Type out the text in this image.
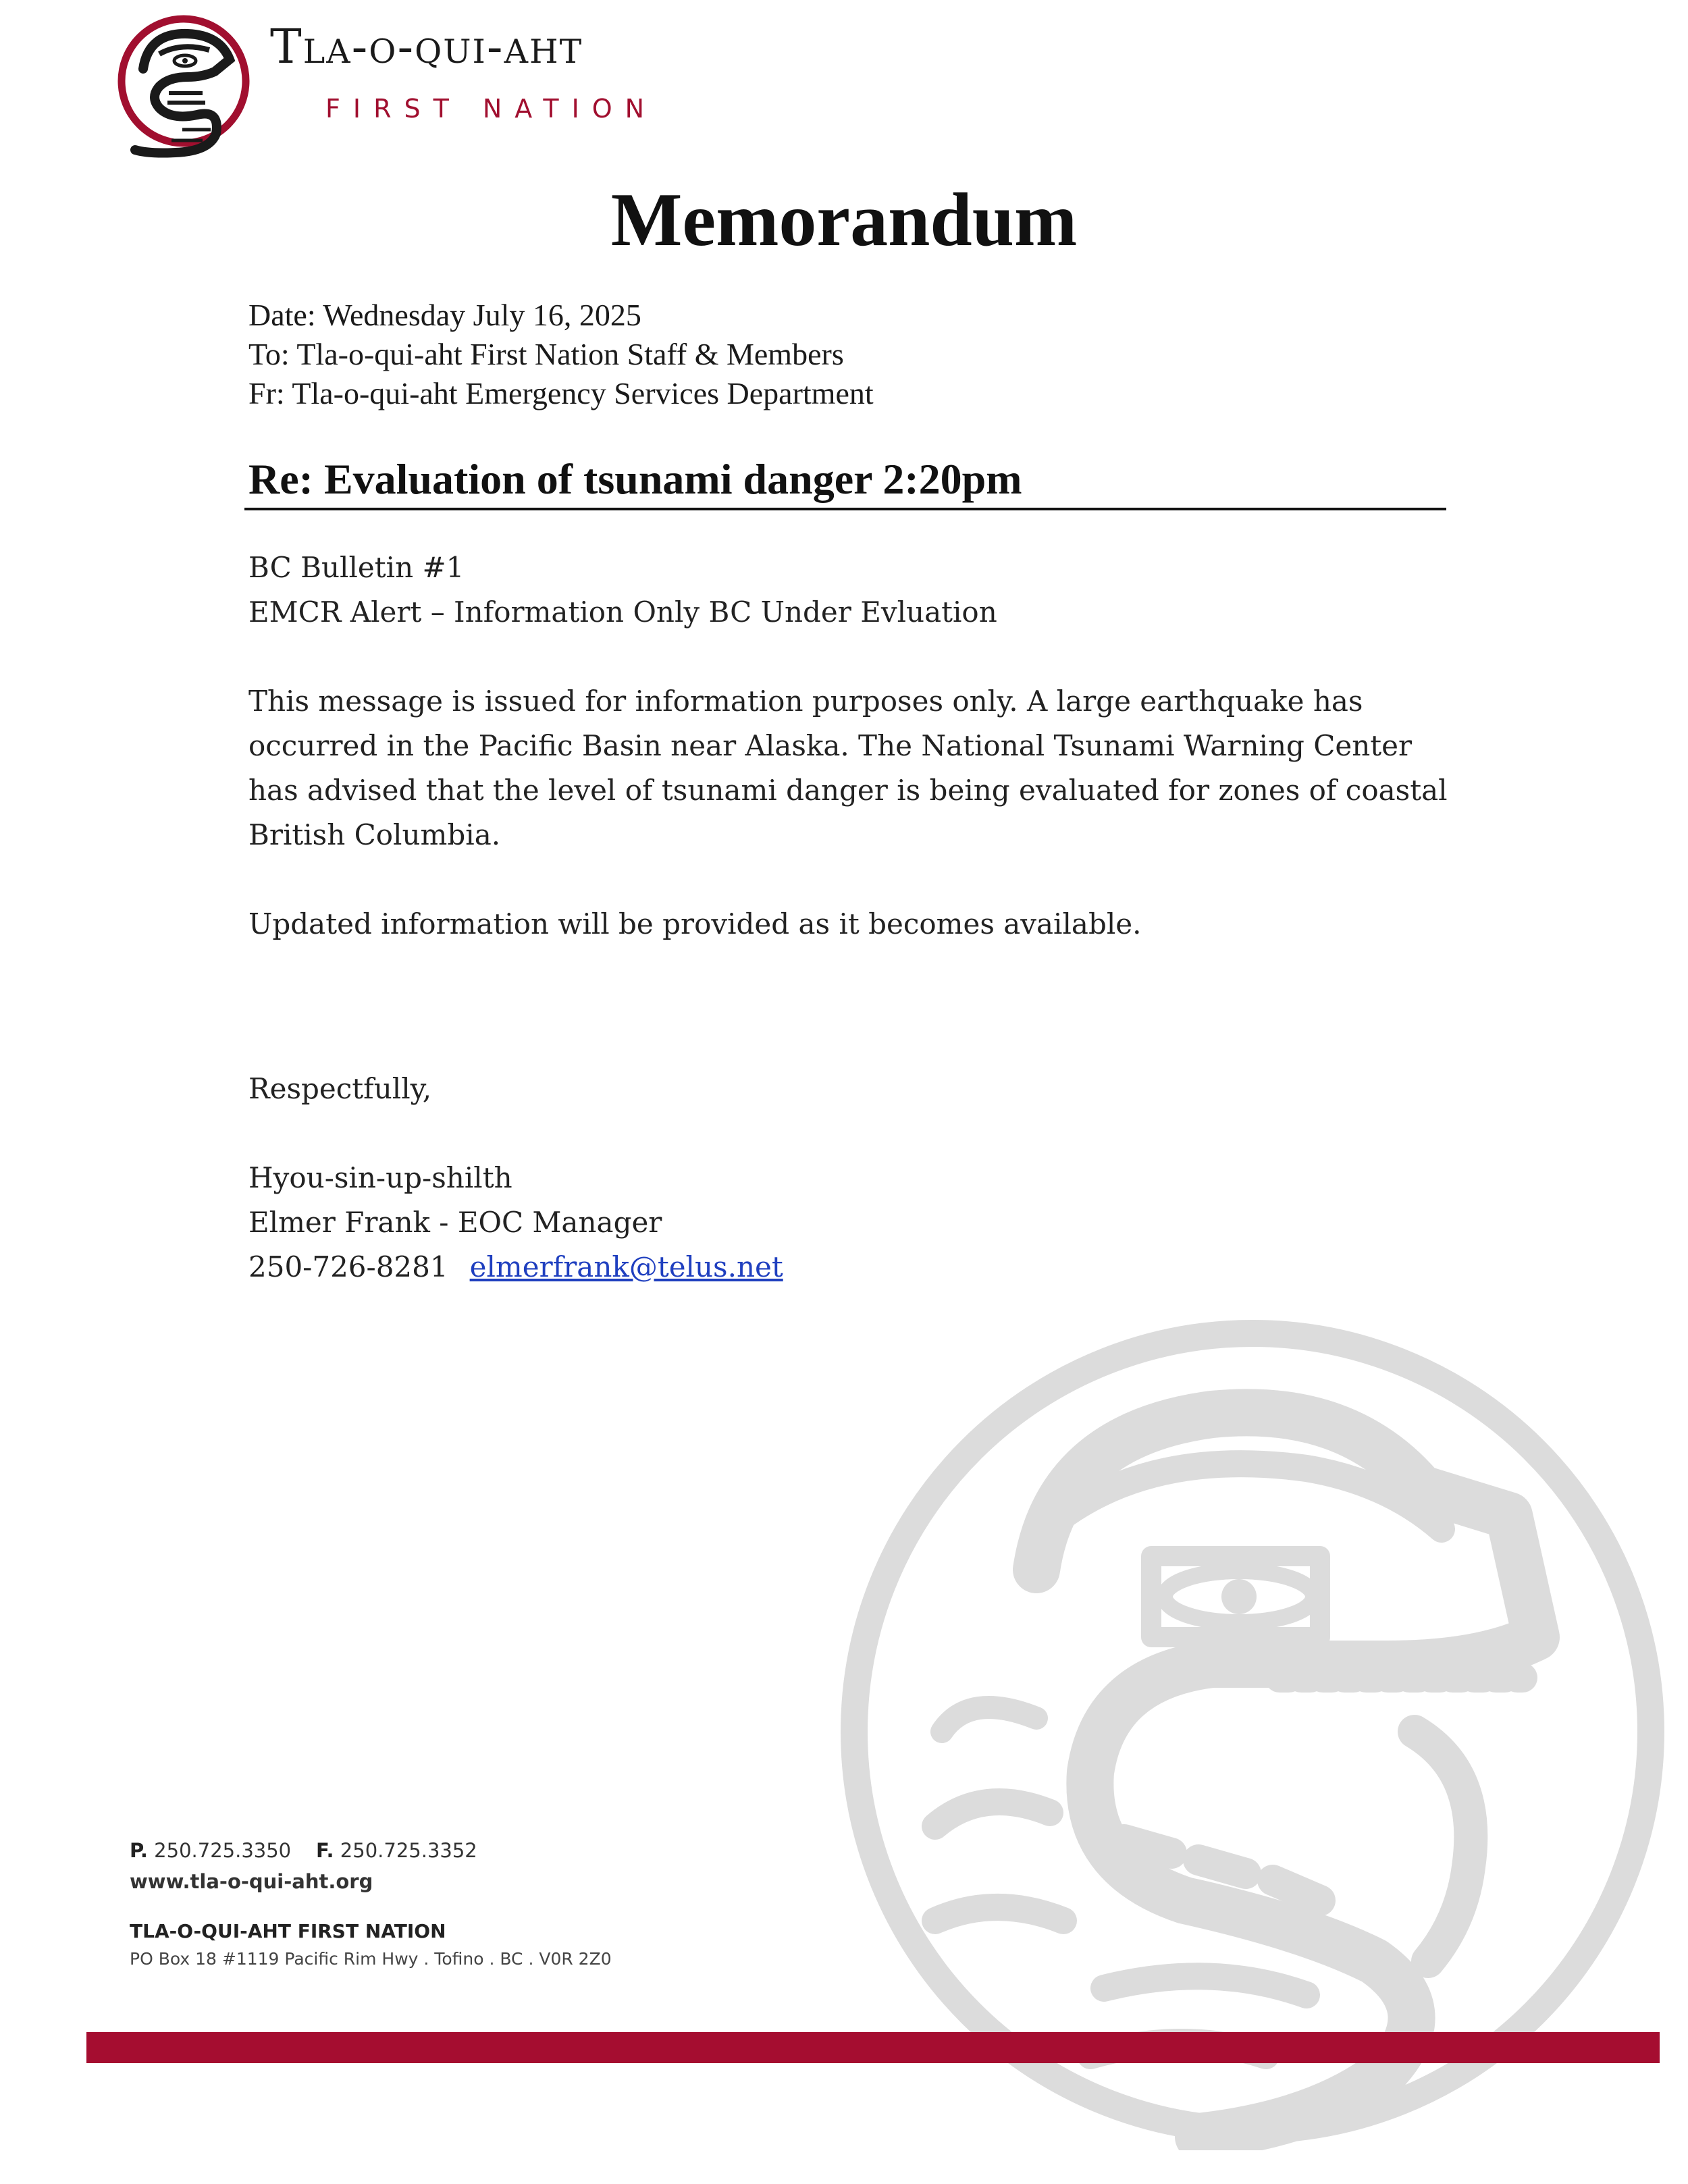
Tla-o-qui-aht
FIRST NATION
Memorandum
Date: Wednesday July 16, 2025
To: Tla-o-qui-aht First Nation Staff & Members
Fr: Tla-o-qui-aht Emergency Services Department
Re: Evaluation of tsunami danger 2:20pm

BC Bulletin #1

EMCR Alert – Information Only BC Under Evluation

This message is issued for information purposes only. A large earthquake has occurred in the Pacific Basin near Alaska. The National Tsunami Warning Center has advised that the level of tsunami danger is being evaluated for zones of coastal British Columbia.

Updated information will be provided as it becomes available.

Respectfully,

Hyou-sin-up-shilth

Elmer Frank - EOC Manager

250-726-8281 elmerfrank@telus.net

P. 250.725.3350 F. 250.725.3352
www.tla-o-qui-aht.org
TLA-O-QUI-AHT FIRST NATION
PO Box 18 #1119 Pacific Rim Hwy . Tofino . BC . V0R 2Z0
